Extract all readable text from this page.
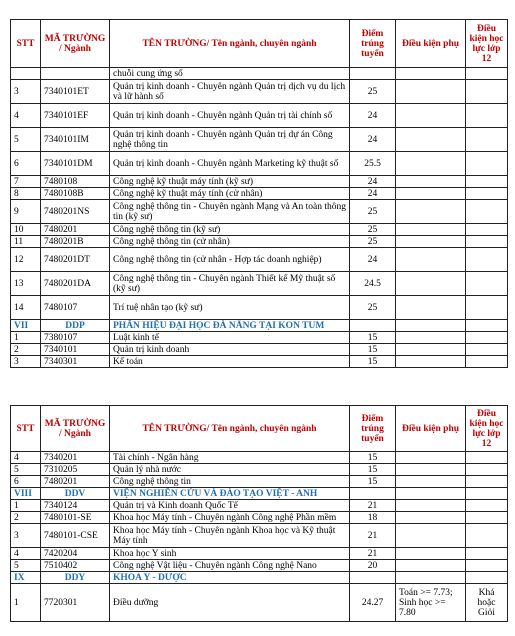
STT	MÃ TRƯỜNG / Ngành	TÊN TRƯỜNG/ Tên ngành, chuyên ngành	Điểm trúng tuyển	Điều kiện phụ	Điều kiện học lực lớp 12
		chuỗi cung ứng số			
3	7340101ET	Quản trị kinh doanh - Chuyên ngành Quản trị dịch vụ du lịch và lữ hành số	25		
4	7340101EF	Quản trị kinh doanh - Chuyên ngành Quản trị tài chính số	24		
5	7340101IM	Quản trị kinh doanh - Chuyên ngành Quản trị dự án Công nghệ thông tin	24		
6	7340101DM	Quản trị kinh doanh - Chuyên ngành Marketing kỹ thuật số	25.5		
7	7480108	Công nghệ kỹ thuật máy tính (kỹ sư)	24		
8	7480108B	Công nghệ kỹ thuật máy tính (cử nhân)	24		
9	7480201NS	Công nghệ thông tin - Chuyên ngành Mạng và An toàn thông tin (kỹ sư)	25		
10	7480201	Công nghệ thông tin (kỹ sư)	25		
11	7480201B	Công nghệ thông tin (cử nhân)	25		
12	7480201DT	Công nghệ thông tin (cử nhân - Hợp tác doanh nghiệp)	24		
13	7480201DA	Công nghệ thông tin - Chuyên ngành Thiết kế Mỹ thuật số (kỹ sư)	24.5		
14	7480107	Trí tuệ nhân tạo (kỹ sư)	25		
VII	DDP	PHÂN HIỆU ĐẠI HỌC ĐÀ NẴNG TẠI KON TUM			
1	7380107	Luật kinh tế	15		
2	7340101	Quản trị kinh doanh	15		
3	7340301	Kế toán	15		
STT	MÃ TRƯỜNG / Ngành	TÊN TRƯỜNG/ Tên ngành, chuyên ngành	Điểm trúng tuyển	Điều kiện phụ	Điều kiện học lực lớp 12
4	7340201	Tài chính - Ngân hàng	15		
5	7310205	Quản lý nhà nước	15		
6	7480201	Công nghệ thông tin	15		
VIII	DDV	VIỆN NGHIÊN CỨU VÀ ĐÀO TẠO VIỆT - ANH			
1	7340124	Quản trị và Kinh doanh Quốc Tế	21		
2	7480101-SE	Khoa học Máy tính - Chuyên ngành Công nghệ Phần mềm	18		
3	7480101-CSE	Khoa học Máy tính - Chuyên ngành Khoa học và Kỹ thuật Máy tính	21		
4	7420204	Khoa học Y sinh	21		
5	7510402	Công nghệ Vật liệu - Chuyên ngành Công nghệ Nano	20		
IX	DDY	KHOA Y - DƯỢC			
1	7720301	Điều dưỡng	24.27	Toán >= 7.73; Sinh học >= 7.80	Khá hoặc Giỏi
